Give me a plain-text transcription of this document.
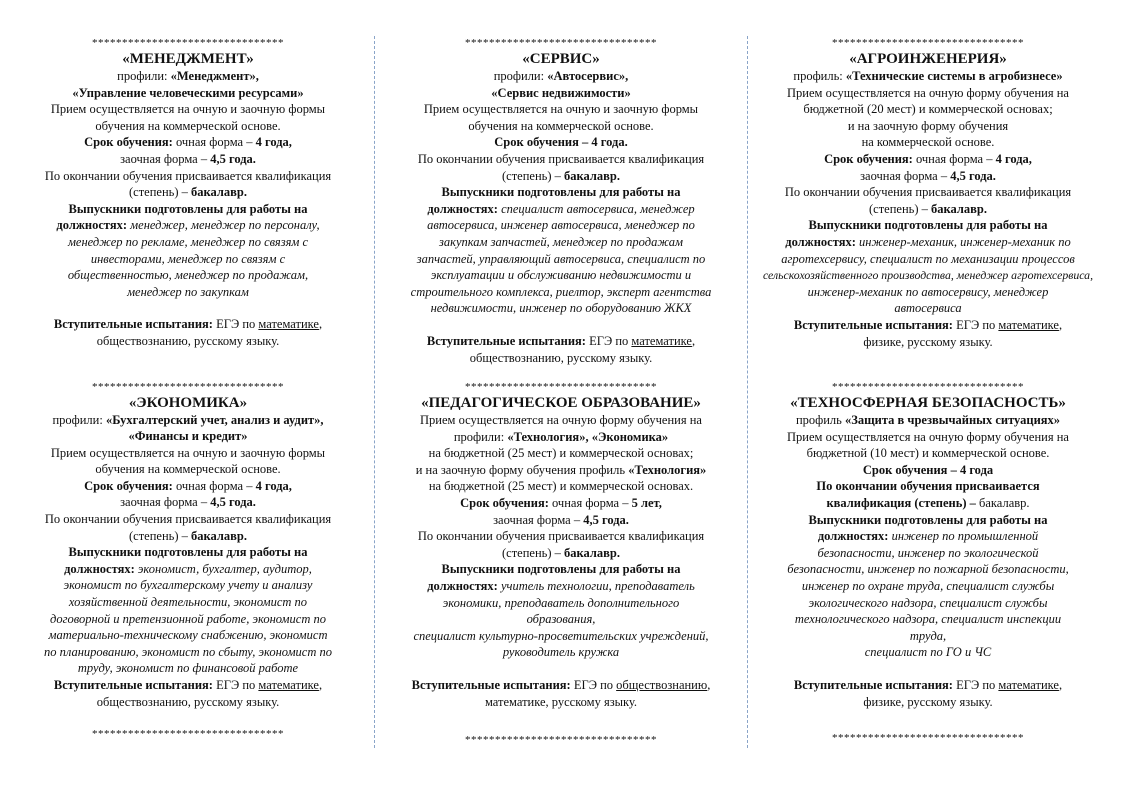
********************************
«МЕНЕДЖМЕНТ»
профили: «Менеджмент»,
«Управление человеческими ресурсами»
Прием осуществляется на очную и заочную формы
обучения на коммерческой основе.
Срок обучения: очная форма – 4 года,
заочная форма – 4,5 года.
По окончании обучения присваивается квалификация
(степень) – бакалавр.
Выпускники подготовлены для работы на
должностях: менеджер, менеджер по персоналу,
менеджер по рекламе, менеджер по связям с
инвесторами, менеджер по связям с
общественностью, менеджер по продажам,
менеджер по закупкам
Вступительные испытания: ЕГЭ по математике,
обществознанию, русскому языку.
********************************
«ЭКОНОМИКА»
профили: «Бухгалтерский учет, анализ и аудит»,
«Финансы и кредит»
Прием осуществляется на очную и заочную формы
обучения на коммерческой основе.
Срок обучения: очная форма – 4 года,
заочная форма – 4,5 года.
По окончании обучения присваивается квалификация
(степень) – бакалавр.
Выпускники подготовлены для работы на
должностях: экономист, бухгалтер, аудитор,
экономист по бухгалтерскому учету и анализу
хозяйственной деятельности, экономист по
договорной и претензионной работе, экономист по
материально-техническому снабжению, экономист
по планированию, экономист по сбыту, экономист по
труду, экономист по финансовой работе
Вступительные испытания: ЕГЭ по математике,
обществознанию, русскому языку.
********************************
********************************
«СЕРВИС»
профили: «Автосервис»,
«Сервис недвижимости»
Прием осуществляется на очную и заочную формы
обучения на коммерческой основе.
Срок обучения – 4 года.
По окончании обучения присваивается квалификация
(степень) – бакалавр.
Выпускники подготовлены для работы на
должностях: специалист автосервиса, менеджер
автосервиса, инженер автосервиса, менеджер по
закупкам запчастей, менеджер по продажам
запчастей, управляющий автосервиса, специалист по
эксплуатации и обслуживанию недвижимости и
строительного комплекса, риелтор, эксперт агентства
недвижимости, инженер по оборудованию ЖКХ
Вступительные испытания: ЕГЭ по математике,
обществознанию, русскому языку.
********************************
«ПЕДАГОГИЧЕСКОЕ ОБРАЗОВАНИЕ»
Прием осуществляется на очную форму обучения на
профили: «Технология», «Экономика»
на бюджетной (25 мест) и коммерческой основах;
и на заочную форму обучения профиль «Технология»
на бюджетной (25 мест) и коммерческой основах.
Срок обучения: очная форма – 5 лет,
заочная форма – 4,5 года.
По окончании обучения присваивается квалификация
(степень) – бакалавр.
Выпускники подготовлены для работы на
должностях: учитель технологии, преподаватель
экономики, преподаватель дополнительного
образования,
специалист культурно-просветительских учреждений,
руководитель кружка
Вступительные испытания: ЕГЭ по обществознанию,
математике, русскому языку.
********************************
********************************
«АГРОИНЖЕНЕРИЯ»
профиль: «Технические системы в агробизнесе»
Прием осуществляется на очную форму обучения на
бюджетной (20 мест) и коммерческой основах;
и на заочную форму обучения
на коммерческой основе.
Срок обучения: очная форма – 4 года,
заочная форма – 4,5 года.
По окончании обучения присваивается квалификация
(степень) – бакалавр.
Выпускники подготовлены для работы на
должностях: инженер-механик, инженер-механик по
агротехсервису, специалист по механизации процессов
сельскохозяйственного производства, менеджер агротехсервиса,
инженер-механик по автосервису, менеджер
автосервиса
Вступительные испытания: ЕГЭ по математике,
физике, русскому языку.
********************************
«ТЕХНОСФЕРНАЯ БЕЗОПАСНОСТЬ»
профиль «Защита в чрезвычайных ситуациях»
Прием осуществляется на очную форму обучения на
бюджетной (10 мест) и коммерческой основе.
Срок обучения – 4 года
По окончании обучения присваивается
квалификация (степень) – бакалавр.
Выпускники подготовлены для работы на
должностях: инженер по промышленной
безопасности, инженер по экологической
безопасности, инженер по пожарной безопасности,
инженер по охране труда, специалист службы
экологического надзора, специалист службы
технологического надзора, специалист инспекции
труда,
специалист по ГО и ЧС
Вступительные испытания: ЕГЭ по математике,
физике, русскому языку.
********************************
